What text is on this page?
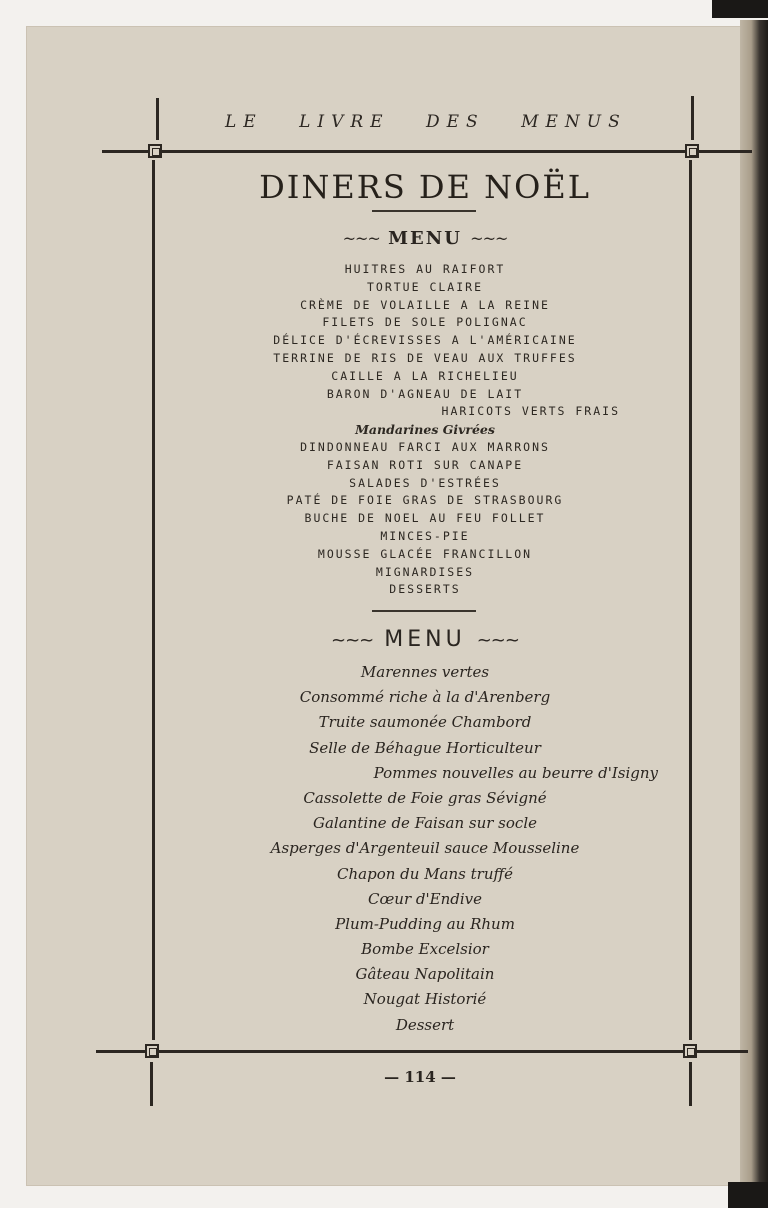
LE LIVRE DES MENUS
DINERS DE NOËL
~~~ MENU ~~~
HUITRES AU RAIFORT
TORTUE CLAIRE
CRÈME DE VOLAILLE A LA REINE
FILETS DE SOLE POLIGNAC
DÉLICE D'ÉCREVISSES A L'AMÉRICAINE
TERRINE DE RIS DE VEAU AUX TRUFFES
CAILLE A LA RICHELIEU
BARON D'AGNEAU DE LAIT
HARICOTS VERTS FRAIS
Mandarines Givrées
DINDONNEAU FARCI AUX MARRONS
FAISAN ROTI SUR CANAPE
SALADES D'ESTRÉES
PATÉ DE FOIE GRAS DE STRASBOURG
BUCHE DE NOEL AU FEU FOLLET
MINCES-PIE
MOUSSE GLACÉE FRANCILLON
MIGNARDISES
DESSERTS
~~~ MENU ~~~
Marennes vertes
Consommé riche à la d'Arenberg
Truite saumonée Chambord
Selle de Béhague Horticulteur
Pommes nouvelles au beurre d'Isigny
Cassolette de Foie gras Sévigné
Galantine de Faisan sur socle
Asperges d'Argenteuil sauce Mousseline
Chapon du Mans truffé
Cœur d'Endive
Plum-Pudding au Rhum
Bombe Excelsior
Gâteau Napolitain
Nougat Historié
Dessert
— 114 —
